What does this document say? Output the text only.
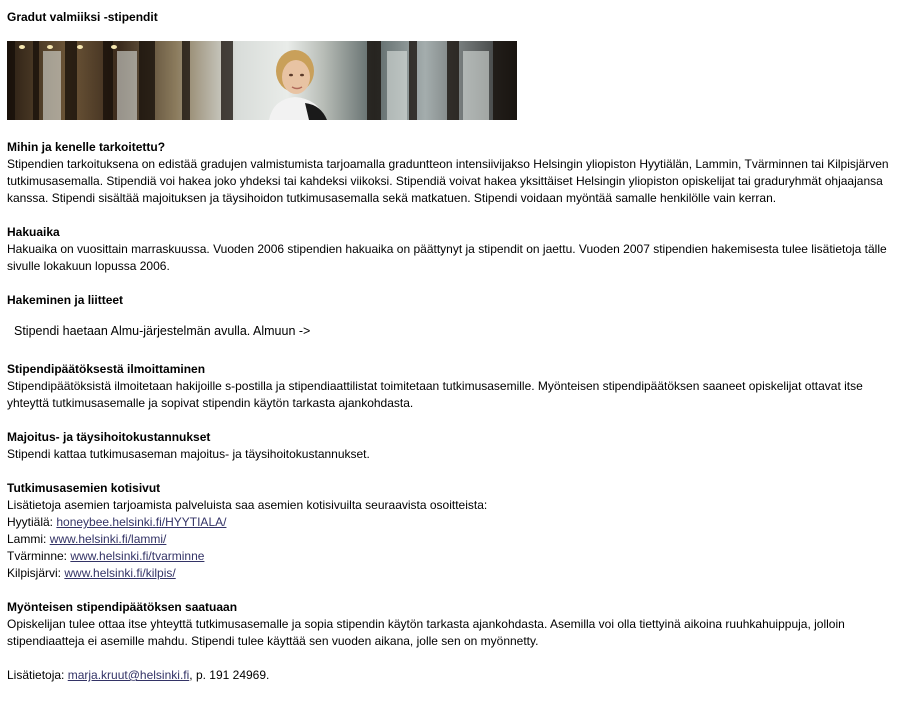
Gradut valmiiksi -stipendit
Mihin ja kenelle tarkoitettu?

Stipendien tarkoituksena on edistää gradujen valmistumista tarjoamalla graduntteon intensiivijakso Helsingin yliopiston Hyytiälän, Lammin, Tvärminnen tai Kilpisjärven tutkimusasemalla. Stipendiä voi hakea joko yhdeksi tai kahdeksi viikoksi. Stipendiä voivat hakea yksittäiset Helsingin yliopiston opiskelijat tai graduryhmät ohjaajansa kanssa. Stipendi sisältää majoituksen ja täysihoidon tutkimusasemalla sekä matkatuen. Stipendi voidaan myöntää samalle henkilölle vain kerran.

Hakuaika

Hakuaika on vuosittain marraskuussa. Vuoden 2006 stipendien hakuaika on päättynyt ja stipendit on jaettu. Vuoden 2007 stipendien hakemisesta tulee lisätietoja tälle sivulle lokakuun lopussa 2006.

Hakeminen ja liitteet
Stipendi haetaan Almu-järjestelmän avulla. Almuun ->
Stipendipäätöksestä ilmoittaminen

Stipendipäätöksistä ilmoitetaan hakijoille s-postilla ja stipendiaattilistat toimitetaan tutkimusasemille. Myönteisen stipendipäätöksen saaneet opiskelijat ottavat itse yhteyttä tutkimusasemalle ja sopivat stipendin käytön tarkasta ajankohdasta.

Majoitus- ja täysihoitokustannukset

Stipendi kattaa tutkimusaseman majoitus- ja täysihoitokustannukset.

Tutkimusasemien kotisivut

Lisätietoja asemien tarjoamista palveluista saa asemien kotisivuilta seuraavista osoitteista:

Hyytiälä: honeybee.helsinki.fi/HYYTIALA/

Lammi: www.helsinki.fi/lammi/

Tvärminne: www.helsinki.fi/tvarminne

Kilpisjärvi: www.helsinki.fi/kilpis/

Myönteisen stipendipäätöksen saatuaan

Opiskelijan tulee ottaa itse yhteyttä tutkimusasemalle ja sopia stipendin käytön tarkasta ajankohdasta. Asemilla voi olla tiettyinä aikoina ruuhkahuippuja, jolloin stipendiaatteja ei asemille mahdu. Stipendi tulee käyttää sen vuoden aikana, jolle sen on myönnetty.

Lisätietoja: marja.kruut@helsinki.fi, p. 191 24969.
